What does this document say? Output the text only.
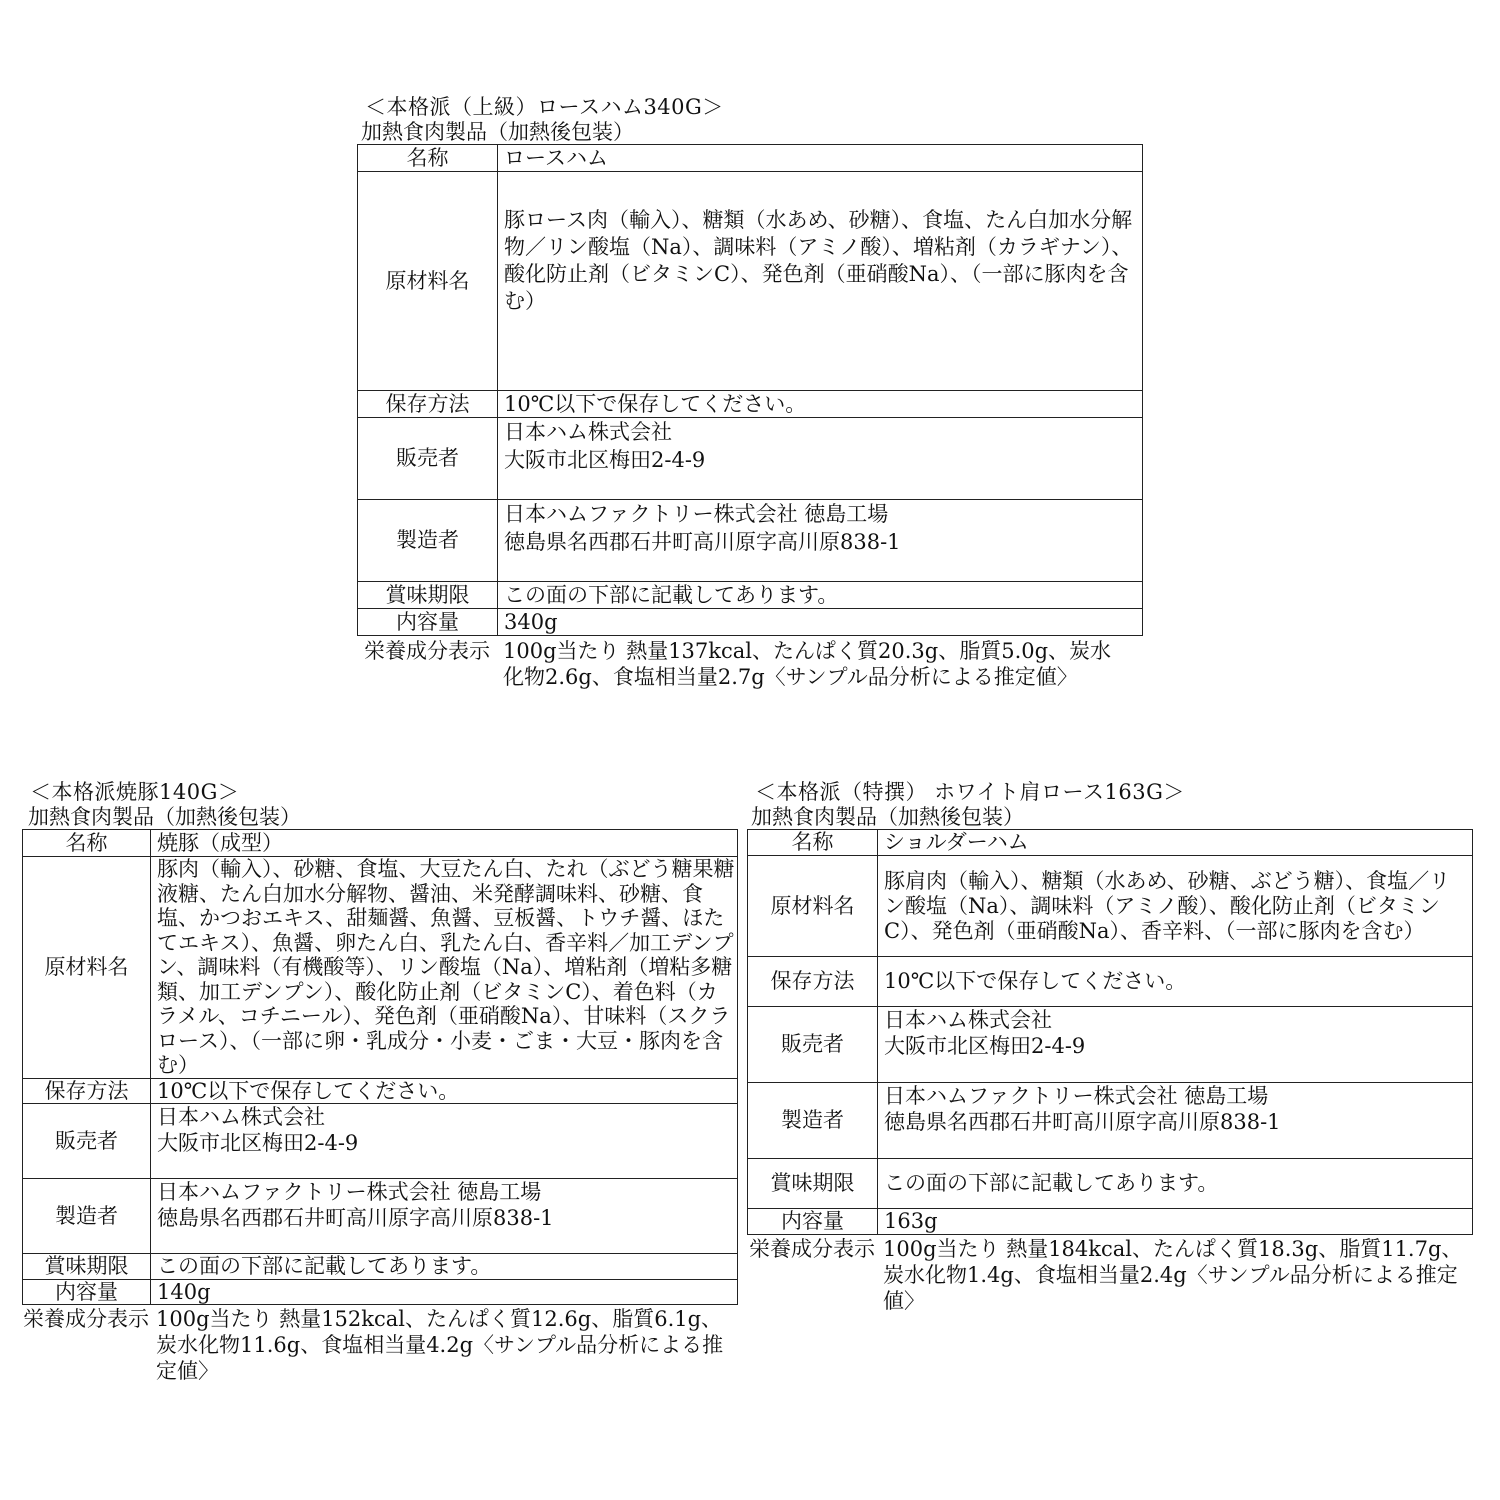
＜本格派（上級）ロースハム340G＞
加熱食肉製品（加熱後包装）
名称	ロースハム
原材料名	豚ロース肉（輸入）、糖類（水あめ、砂糖）、食塩、たん白加水分解物／リン酸塩（Na）、調味料（アミノ酸）、増粘剤（カラギナン）、酸化防止剤（ビタミンC）、発色剤（亜硝酸Na）、（一部に豚肉を含む）
保存方法	10℃以下で保存してください。
販売者	日本ハム株式会社
大阪市北区梅田2-4-9
製造者	日本ハムファクトリー株式会社 徳島工場
徳島県名西郡石井町高川原字高川原838-1
賞味期限	この面の下部に記載してあります。
内容量	340g
栄養成分表示 100g当たり 熱量137kcal、たんぱく質20.3g、脂質5.0g、炭水化物2.6g、食塩相当量2.7g〈サンプル品分析による推定値〉
＜本格派焼豚140G＞
加熱食肉製品（加熱後包装）
名称	焼豚（成型）
原材料名	豚肉（輸入）、砂糖、食塩、大豆たん白、たれ（ぶどう糖果糖液糖、たん白加水分解物、醤油、米発酵調味料、砂糖、食塩、かつおエキス、甜麺醤、魚醤、豆板醤、トウチ醤、ほたてエキス）、魚醤、卵たん白、乳たん白、香辛料／加工デンプン、調味料（有機酸等）、リン酸塩（Na）、増粘剤（増粘多糖類、加工デンプン）、酸化防止剤（ビタミンC）、着色料（カラメル、コチニール）、発色剤（亜硝酸Na）、甘味料（スクラロース）、（一部に卵・乳成分・小麦・ごま・大豆・豚肉を含む）
保存方法	10℃以下で保存してください。
販売者	日本ハム株式会社
大阪市北区梅田2-4-9
製造者	日本ハムファクトリー株式会社 徳島工場
徳島県名西郡石井町高川原字高川原838-1
賞味期限	この面の下部に記載してあります。
内容量	140g
栄養成分表示 100g当たり 熱量152kcal、たんぱく質12.6g、脂質6.1g、炭水化物11.6g、食塩相当量4.2g〈サンプル品分析による推定値〉
＜本格派（特撰） ホワイト肩ロース163G＞
加熱食肉製品（加熱後包装）
名称	ショルダーハム
原材料名	豚肩肉（輸入）、糖類（水あめ、砂糖、ぶどう糖）、食塩／リン酸塩（Na）、調味料（アミノ酸）、酸化防止剤（ビタミンC）、発色剤（亜硝酸Na）、香辛料、（一部に豚肉を含む）
保存方法	10℃以下で保存してください。
販売者	日本ハム株式会社
大阪市北区梅田2-4-9
製造者	日本ハムファクトリー株式会社 徳島工場
徳島県名西郡石井町高川原字高川原838-1
賞味期限	この面の下部に記載してあります。
内容量	163g
栄養成分表示 100g当たり 熱量184kcal、たんぱく質18.3g、脂質11.7g、炭水化物1.4g、食塩相当量2.4g〈サンプル品分析による推定値〉
